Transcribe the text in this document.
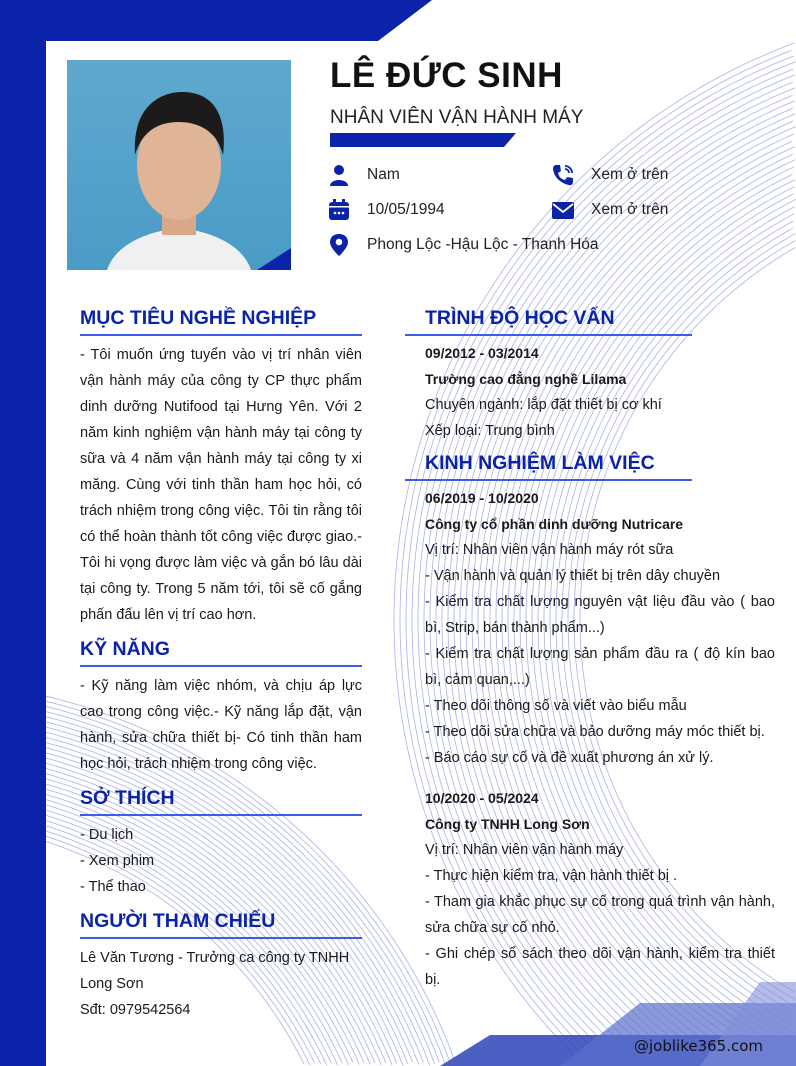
LÊ ĐỨC SINH
NHÂN VIÊN VẬN HÀNH MÁY
Nam
10/05/1994
Phong Lộc -Hậu Lộc - Thanh Hóa
Xem ở trên
Xem ở trên
MỤC TIÊU NGHỀ NGHIỆP

- Tôi muốn ứng tuyển vào vị trí nhân viên vận hành máy của công ty CP thực phẩm dinh dưỡng Nutifood tại Hưng Yên. Với 2 năm kinh nghiệm vận hành máy tại công ty sữa và 4 năm vận hành máy tại công ty xi măng. Cùng với tinh thần ham học hỏi, có trách nhiệm trong công việc. Tôi tin rằng tôi có thể hoàn thành tốt công việc được giao.- Tôi hi vọng được làm việc và gắn bó lâu dài tại công ty. Trong 5 năm tới, tôi sẽ cố gắng phấn đấu lên vị trí cao hơn.

KỸ NĂNG

- Kỹ năng làm việc nhóm, và chịu áp lực cao trong công việc.- Kỹ năng lắp đặt, vận hành, sửa chữa thiết bị- Có tinh thần ham học hỏi, trách nhiệm trong công việc.

SỞ THÍCH

- Du lịch

- Xem phim

- Thể thao

NGƯỜI THAM CHIẾU

Lê Văn Tương - Trưởng ca công ty TNHH Long Sơn

Sđt: 0979542564

TRÌNH ĐỘ HỌC VẤN

09/2012 - 03/2014

Trường cao đẳng nghề Lilama

Chuyên ngành: lắp đặt thiết bị cơ khí

Xếp loại: Trung bình

KINH NGHIỆM LÀM VIỆC

06/2019 - 10/2020

Công ty cổ phần dinh dưỡng Nutricare

Vị trí: Nhân viên vận hành máy rót sữa

- Vận hành và quản lý thiết bị trên dây chuyền

- Kiểm tra chất lượng nguyên vật liệu đầu vào ( bao bì, Strip, bán thành phẩm...)

- Kiểm tra chất lượng sản phẩm đầu ra ( độ kín bao bì, cảm quan,...)

- Theo dõi thông số và viết vào biểu mẫu

- Theo dõi sửa chữa và bảo dưỡng máy móc thiết bị.

- Báo cáo sự cố và đề xuất phương án xử lý.

10/2020 - 05/2024

Công ty TNHH Long Sơn

Vị trí: Nhân viên vận hành máy

- Thực hiện kiểm tra, vận hành thiết bị .

- Tham gia khắc phục sự cố trong quá trình vận hành, sửa chữa sự cố nhỏ.

- Ghi chép sổ sách theo dõi vận hành, kiểm tra thiết bị.

@joblike365.com
